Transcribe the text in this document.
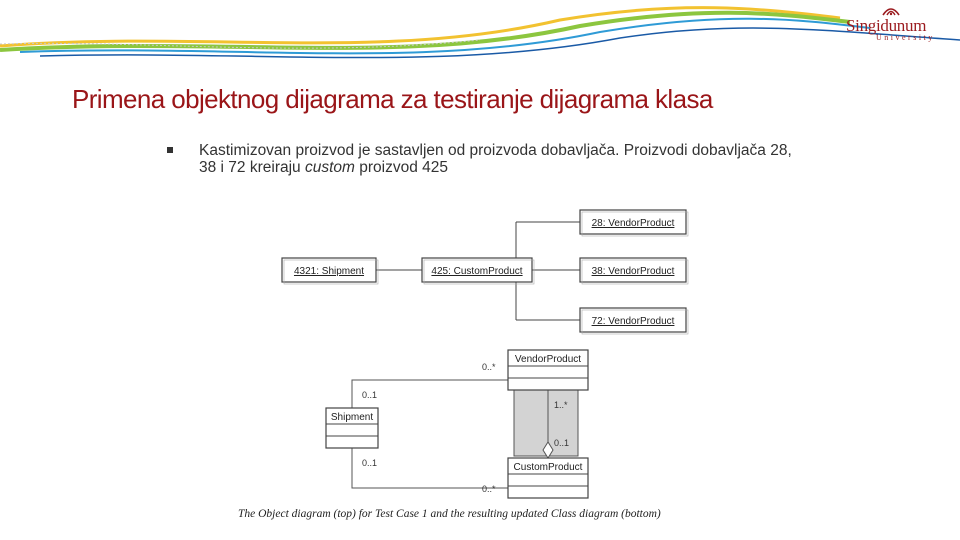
Singidunum
University
Primena objektnog dijagrama za testiranje dijagrama klasa
Kastimizovan proizvod je sastavljen od proizvoda dobavljača. Proizvodi dobavljača 28, 38 i 72 kreiraju custom proizvod 425
4321: Shipment	425: CustomProduct
28: VendorProduct
38: VendorProduct
72: VendorProduct
VendorProduct
Shipment
CustomProduct
0..*
0..1
1..*
0..1
0..1
0..*
The Object diagram (top) for Test Case 1 and the resulting updated Class diagram (bottom)
